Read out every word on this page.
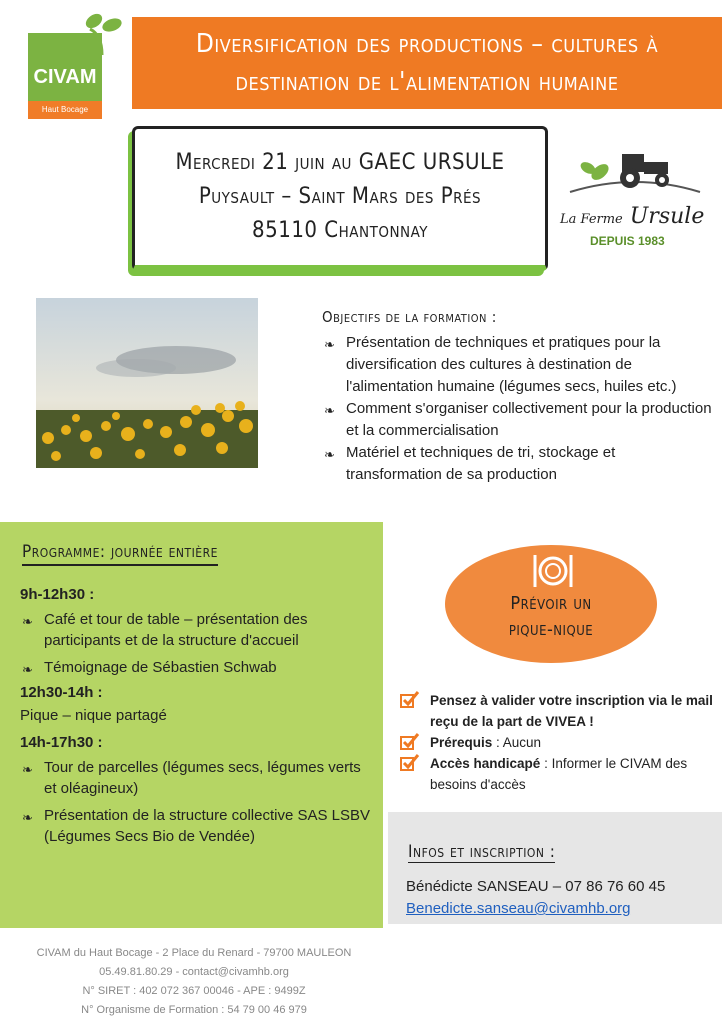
CIVAM
Haut Bocage
Diversification des productions – cultures à
destination de l'alimentation humaine
Mercredi 21 juin au GAEC URSULE
Puysault – Saint Mars des Prés
85110 Chantonnay	La Ferme Ursule
DEPUIS 1983
Objectifs de la formation :
❧ Présentation de techniques et pratiques pour la diversification des cultures à destination de l'alimentation humaine (légumes secs, huiles etc.)
❧ Comment s'organiser collectivement pour la production et la commercialisation
❧ Matériel et techniques de tri, stockage et transformation de sa production
Programme: journée entière
9h-12h30 :
❧ Café et tour de table – présentation des participants et de la structure d'accueil
❧ Témoignage de Sébastien Schwab
12h30-14h :
Pique – nique partagé
14h-17h30 :
❧ Tour de parcelles (légumes secs, légumes verts et oléagineux)
❧ Présentation de la structure collective SAS LSBV (Légumes Secs Bio de Vendée)
Prévoir un
pique-nique
Pensez à valider votre inscription via le mail reçu de la part de VIVEA !
Prérequis : Aucun
Accès handicapé : Informer le CIVAM des besoins d'accès
Infos et inscription :
Bénédicte SANSEAU – 07 86 76 60 45
Benedicte.sanseau@civamhb.org
CIVAM du Haut Bocage - 2 Place du Renard - 79700 MAULEON
05.49.81.80.29 - contact@civamhb.org
N° SIRET : 402 072 367 00046 - APE : 9499Z
N° Organisme de Formation : 54 79 00 46 979
